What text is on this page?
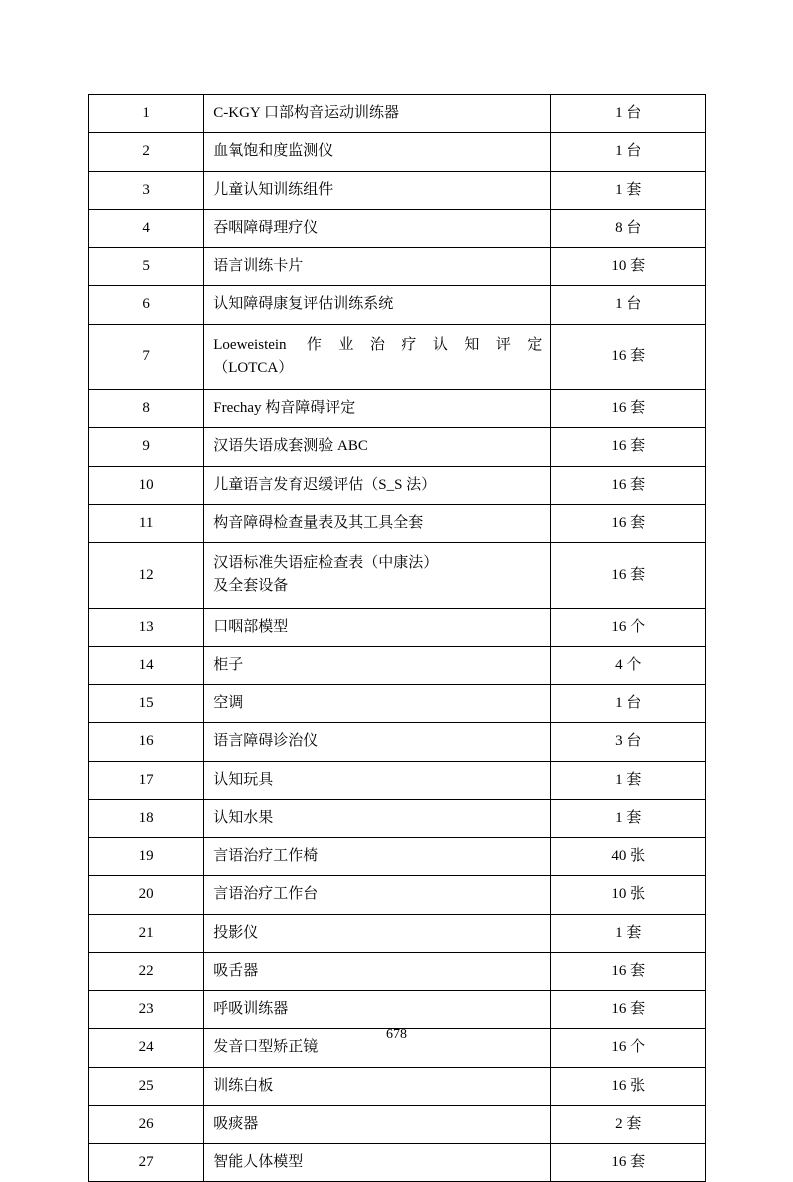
1	C-KGY 口部构音运动训练器	1 台

2	血氧饱和度监测仪	1 台

3	儿童认知训练组件	1 套

4	吞咽障碍理疗仪	8 台

5	语言训练卡片	10 套

6	认知障碍康复评估训练系统	1 台

7	Loeweistein 作业治疗认知评定
（LOTCA）	16 套

8	Frechay 构音障碍评定	16 套

9	汉语失语成套测验 ABC	16 套

10	儿童语言发育迟缓评估（S_S 法）	16 套

11	构音障碍检查量表及其工具全套	16 套

12	汉语标准失语症检查表（中康法）
及全套设备	16 套

13	口咽部模型	16 个

14	柜子	4 个

15	空调	1 台

16	语言障碍诊治仪	3 台

17	认知玩具	1 套

18	认知水果	1 套

19	言语治疗工作椅	40 张

20	言语治疗工作台	10 张

21	投影仪	1 套

22	吸舌器	16 套

23	呼吸训练器	16 套

24	发音口型矫正镜	16 个

25	训练白板	16 张

26	吸痰器	2 套

27	智能人体模型	16 套
678
